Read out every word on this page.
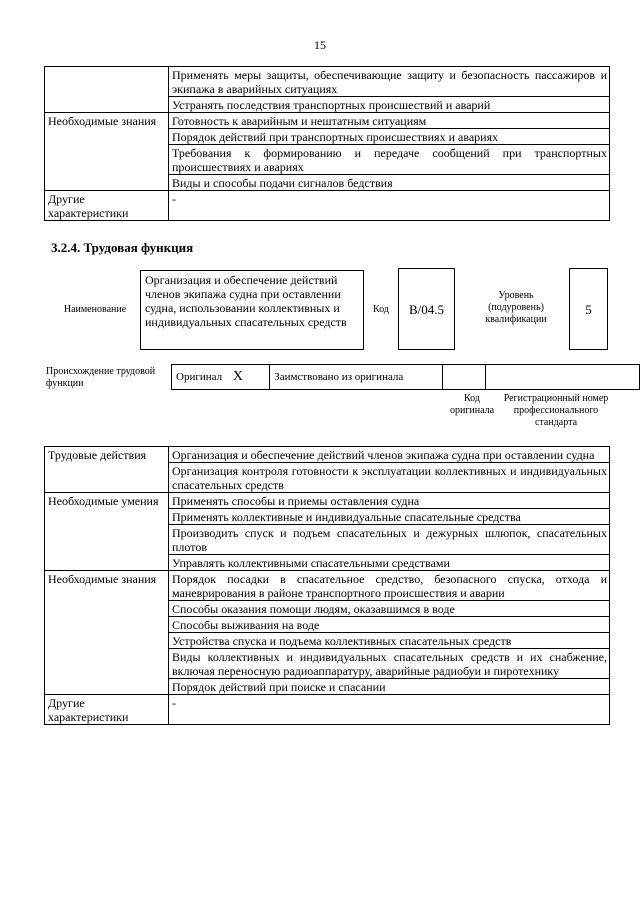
15
	Применять меры защиты, обеспечивающие защиту и безопасность пассажиров и экипажа в аварийных ситуациях
	Устранять последствия транспортных происшествий и аварий
Необходимые знания	Готовность к аварийным и нештатным ситуациям
	Порядок действий при транспортных происшествиях и авариях
	Требования к формированию и передаче сообщений при транспортных происшествиях и авариях
	Виды и способы подачи сигналов бедствия
Другие характеристики	-
3.2.4. Трудовая функция
Наименование
Организация и обеспечение действий членов экипажа судна при оставлении судна, использовании коллективных и индивидуальных спасательных средств
Код	B/04.5
Уровень (подуровень) квалификации
5
Происхождение трудовой функции
Оригинал X	Заимствовано из оригинала		
Код оригинала
Регистрационный номер профессионального стандарта
Трудовые действия	Организация и обеспечение действий членов экипажа судна при оставлении судна
	Организация контроля готовности к эксплуатации коллективных и индивидуальных спасательных средств
Необходимые умения	Применять способы и приемы оставления судна
	Применять коллективные и индивидуальные спасательные средства
	Производить спуск и подъем спасательных и дежурных шлюпок, спасательных плотов
	Управлять коллективными спасательными средствами
Необходимые знания	Порядок посадки в спасательное средство, безопасного спуска, отхода и маневрирования в районе транспортного происшествия и аварии
	Способы оказания помощи людям, оказавшимся в воде
	Способы выживания на воде
	Устройства спуска и подъема коллективных спасательных средств
	Виды коллективных и индивидуальных спасательных средств и их снабжение, включая переносную радиоаппаратуру, аварийные радиобуи и пиротехнику
	Порядок действий при поиске и спасании
Другие характеристики	-
